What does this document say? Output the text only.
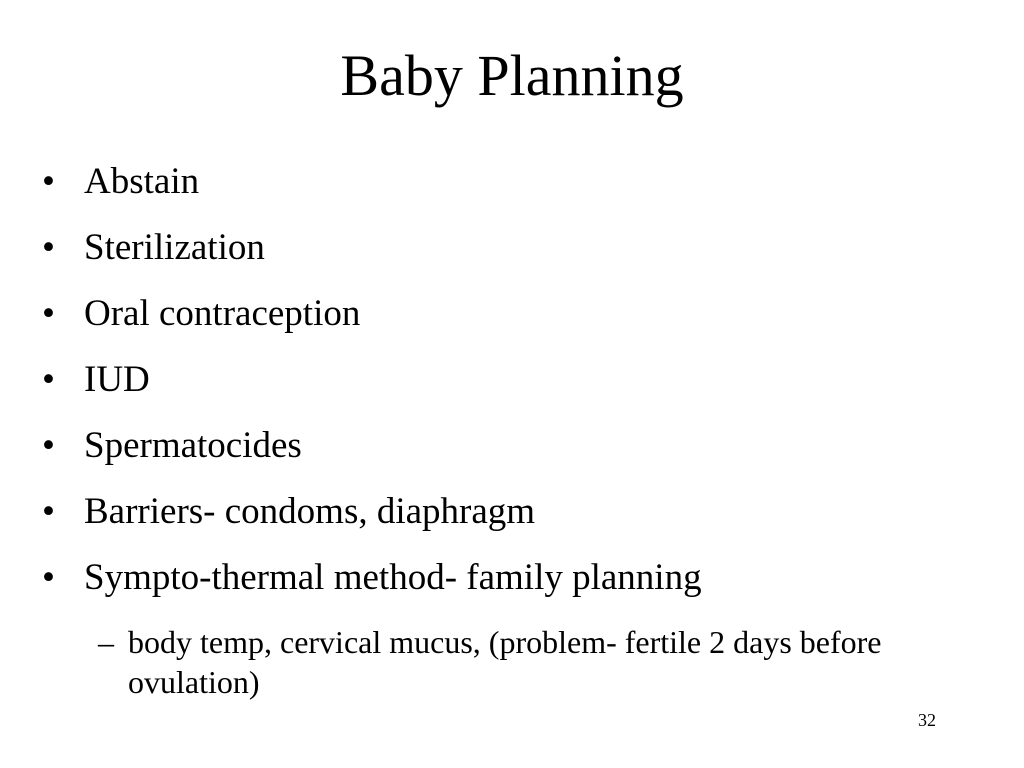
Baby Planning
• Abstain
• Sterilization
• Oral contraception
• IUD
• Spermatocides
• Barriers- condoms, diaphragm
• Sympto-thermal method- family planning
– body temp, cervical mucus, (problem- fertile 2 days before ovulation)
32
